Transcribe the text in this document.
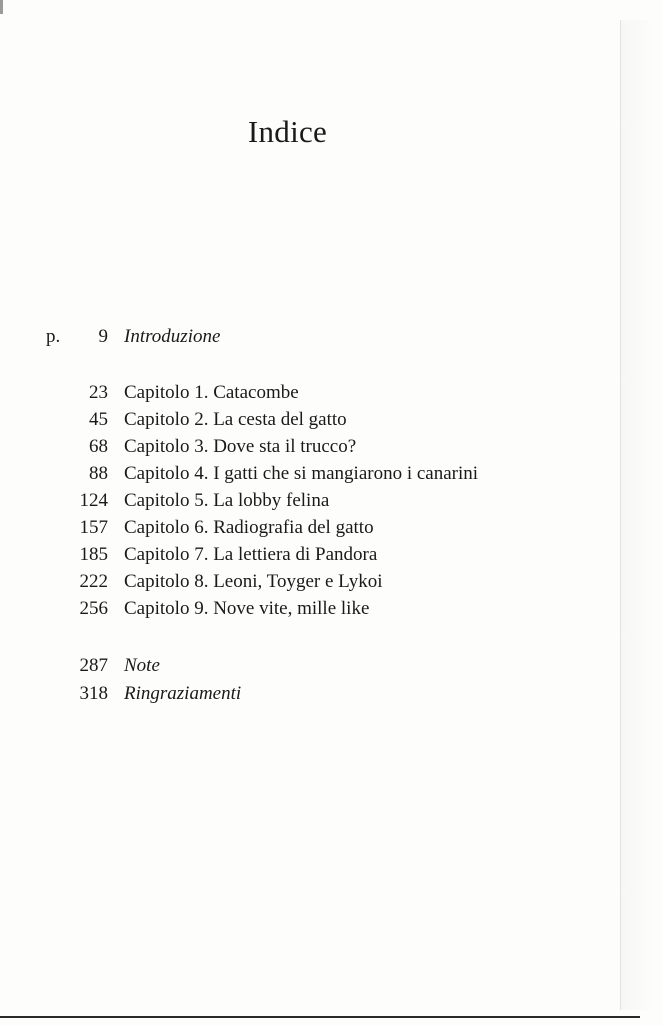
Indice
p.	9 Introduzione
23 Capitolo 1. Catacombe
45 Capitolo 2. La cesta del gatto
68 Capitolo 3. Dove sta il trucco?
88 Capitolo 4. I gatti che si mangiarono i canarini
124 Capitolo 5. La lobby felina
157 Capitolo 6. Radiografia del gatto
185 Capitolo 7. La lettiera di Pandora
222 Capitolo 8. Leoni, Toyger e Lykoi
256 Capitolo 9. Nove vite, mille like
287 Note
318 Ringraziamenti
